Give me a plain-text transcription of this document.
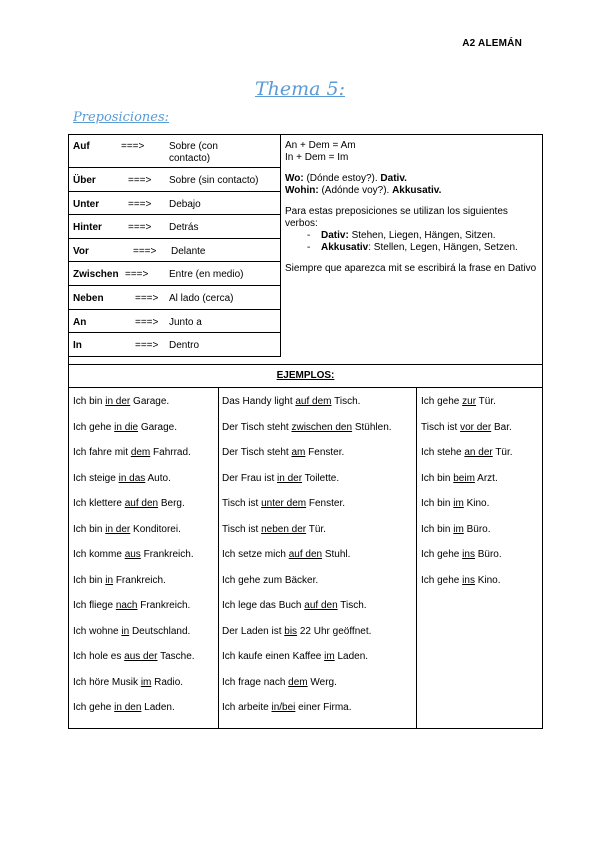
A2 ALEMÁN
Thema 5:
Preposiciones:
Auf	===> Sobre (con contacto)
Über	===> Sobre (sin contacto)
Unter	===> Debajo
Hinter	===> Detrás
Vor	===> Delante
Zwischen ===> Entre (en medio)
Neben	===> Al lado (cerca)
An	===> Junto a
In	===> Dentro

An + Dem = Am

In + Dem = Im

Wo: (Dónde estoy?). Dativ.

Wohin: (Adónde voy?). Akkusativ.

Para estas preposiciones se utilizan los siguientes verbos:

- Dativ: Stehen, Liegen, Hängen, Sitzen.
- Akkusativ: Stellen, Legen, Hängen, Setzen.

Siempre que aparezca mit se escribirá la frase en Dativo

EJEMPLOS:
Ich bin in der Garage.
Ich gehe in die Garage.
Ich fahre mit dem Fahrrad.
Ich steige in das Auto.
Ich klettere auf den Berg.
Ich bin in der Konditorei.
Ich komme aus Frankreich.
Ich bin in Frankreich.
Ich fliege nach Frankreich.
Ich wohne in Deutschland.
Ich hole es aus der Tasche.
Ich höre Musik im Radio.
Ich gehe in den Laden.
Das Handy light auf dem Tisch.
Der Tisch steht zwischen den Stühlen.
Der Tisch steht am Fenster.
Der Frau ist in der Toilette.
Tisch ist unter dem Fenster.
Tisch ist neben der Tür.
Ich setze mich auf den Stuhl.
Ich gehe zum Bäcker.
Ich lege das Buch auf den Tisch.
Der Laden ist bis 22 Uhr geöffnet.
Ich kaufe einen Kaffee im Laden.
Ich frage nach dem Werg.
Ich arbeite in/bei einer Firma.
Ich gehe zur Tür.
Tisch ist vor der Bar.
Ich stehe an der Tür.
Ich bin beim Arzt.
Ich bin im Kino.
Ich bin im Büro.
Ich gehe ins Büro.
Ich gehe ins Kino.
